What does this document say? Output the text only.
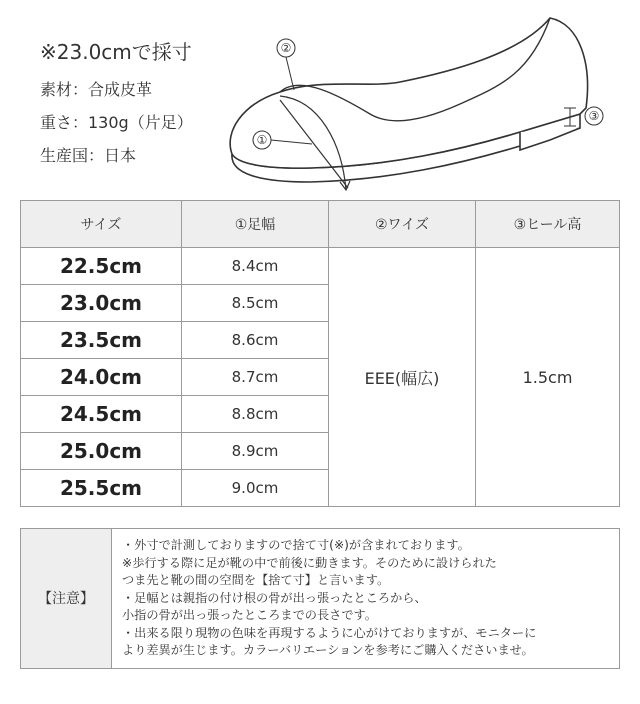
※23.0cmで採寸
素材：合成皮革
重さ：130g（片足）
生産国：日本
②
①
③
サイズ	①足幅	②ワイズ	③ヒール高
22.5cm	8.4cm	EEE(幅広)	1.5cm
23.0cm	8.5cm		
23.5cm	8.6cm		
24.0cm	8.7cm		
24.5cm	8.8cm		
25.0cm	8.9cm		
25.5cm	9.0cm		
【注意】	
・外寸で計測しておりますので捨て寸(※)が含まれております。
※歩行する際に足が靴の中で前後に動きます。そのために設けられた
つま先と靴の間の空間を【捨て寸】と言います。
・足幅とは親指の付け根の骨が出っ張ったところから、
小指の骨が出っ張ったところまでの長さです。
・出来る限り現物の色味を再現するように心がけておりますが、モニターに
より差異が生じます。カラーバリエーションを参考にご購入くださいませ。
